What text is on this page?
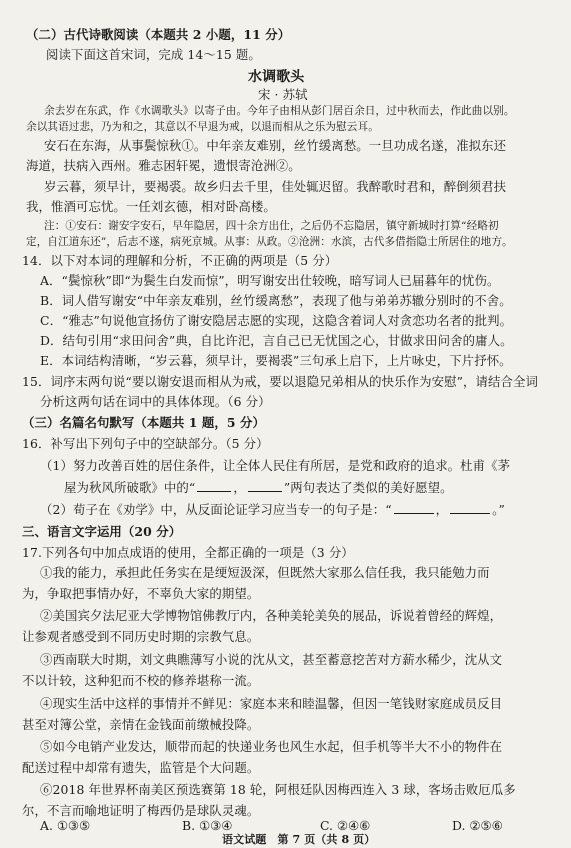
（二）古代诗歌阅读（本题共 2 小题，11 分）
阅读下面这首宋词，完成 14～15 题。
水调歌头
宋 · 苏轼
余去岁在东武，作《水调歌头》以寄子由。今年子由相从彭门居百余日，过中秋而去，作此曲以别。
余以其语过悲，乃为和之，其意以不早退为戒，以退而相从之乐为慰云耳。
安石在东海，从事鬓惊秋①。中年亲友难别，丝竹缓离愁。一旦功成名遂，准拟东还
海道，扶病入西州。雅志困轩冕，遗恨寄沧洲②。
岁云暮，须早计，要褐裘。故乡归去千里，佳处辄迟留。我醉歌时君和，醉倒须君扶
我，惟酒可忘忧。一任刘玄德，相对卧高楼。
注：①安石：谢安字安石，早年隐居，四十余方出仕，之后仍不忘隐居，镇守新城时打算“经略初
定，自江道东还”，后志不遂，病死京城。从事：从政。②沧洲：水滨，古代多借指隐士所居住的地方。
14．以下对本词的理解和分析，不正确的两项是（5 分）
A．“鬓惊秋”即“为鬓生白发而惊”，明写谢安出仕较晚，暗写词人已届暮年的忧伤。
B．词人借写谢安“中年亲友难别，丝竹缓离愁”，表现了他与弟弟苏辙分别时的不舍。
C．“雅志”句说他宣扬仿了谢安隐居志愿的实现，这隐含着词人对贪恋功名者的批判。
D．结句引用“求田问舍”典，自比许汜，言自己已无忧国之心，甘做求田问舍的庸人。
E．本词结构清晰，“岁云暮，须早计，要褐裘”三句承上启下，上片咏史，下片抒怀。
15．词序末两句说“要以谢安退而相从为戒，要以退隐兄弟相从的快乐作为安慰”，请结合全词
分析这两句话在词中的具体体现。（6 分）
（三）名篇名句默写（本题共 1 题，5 分）
16．补写出下列句子中的空缺部分。（5 分）
（1）努力改善百姓的居住条件，让全体人民住有所居，是党和政府的追求。杜甫《茅
屋为秋风所破歌》中的“	，	”两句表达了类似的美好愿望。
（2）荀子在《劝学》中，从反面论证学习应当专一的句子是：“	，	。”
三、语言文字运用（20 分）
17.下列各句中加点成语的使用，全都正确的一项是（3 分）
①我的能力，承担此任务实在是绠短汲深，但既然大家那么信任我，我只能勉力而
为，争取把事情办好，不辜负大家的期望。
②美国宾夕法尼亚大学博物馆佛教厅内，各种美轮美奂的展品，诉说着曾经的辉煌，
让参观者感受到不同历史时期的宗教气息。
③西南联大时期，刘文典瞧薄写小说的沈从文，甚至蓄意挖苦对方薪水稀少，沈从文
不以计较，这种犯而不校的修养堪称一流。
④现实生活中这样的事情并不鲜见：家庭本来和睦温馨，但因一笔钱财家庭成员反目
甚至对簿公堂，亲情在金钱面前缴械投降。
⑤如今电销产业发达，顺带而起的快递业务也风生水起，但手机等半大不小的物件在
配送过程中却常有遗失，监管是个大问题。
⑥2018 年世界杯南美区预选赛第 18 轮，阿根廷队因梅西连入 3 球，客场击败厄瓜多
尔，不言而喻地证明了梅西仍是球队灵魂。
A. ①③⑤	B. ①③④	C. ②④⑥	D. ②⑤⑥
语文试题　第 7 页（共 8 页）
